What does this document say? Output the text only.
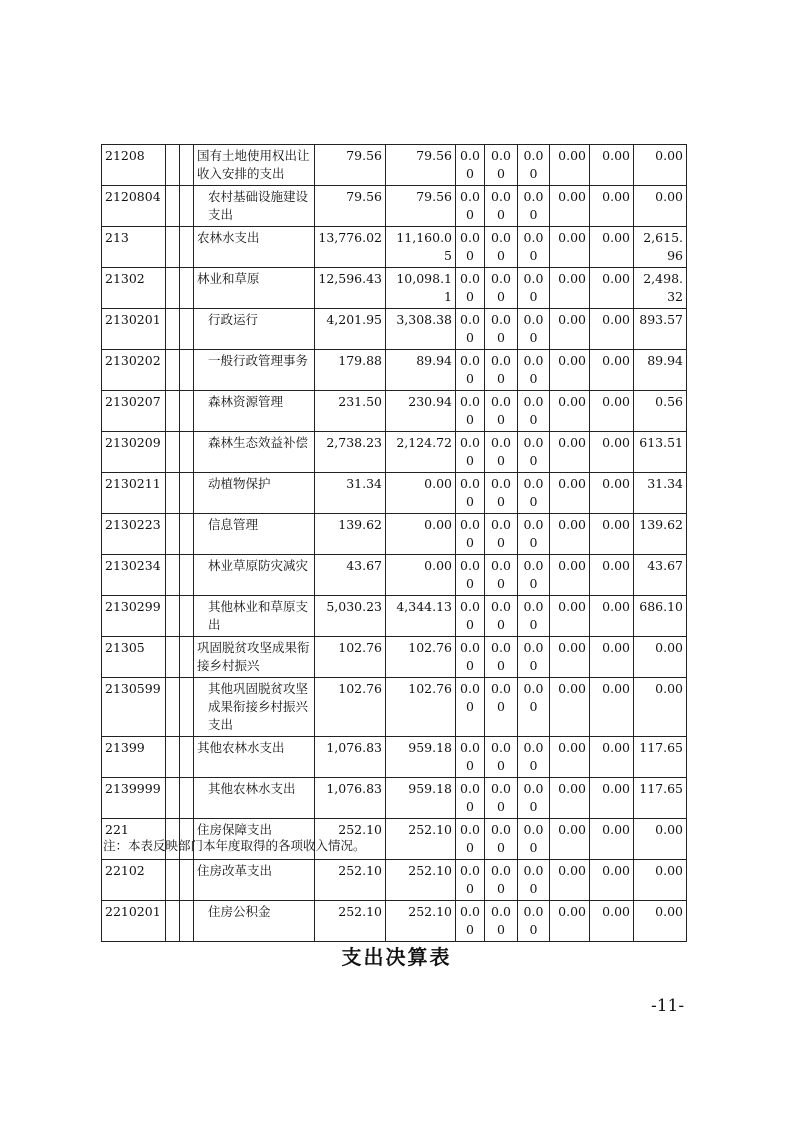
21208			国有土地使用权出让收入安排的支出	79.56	79.56	0.00	0.00	0.00	0.00	0.00	0.00
2120804			农村基础设施建设支出	79.56	79.56	0.00	0.00	0.00	0.00	0.00	0.00
213			农林水支出	13,776.02	11,160.05	0.00	0.00	0.00	0.00	0.00	2,615.96
21302			林业和草原	12,596.43	10,098.11	0.00	0.00	0.00	0.00	0.00	2,498.32
2130201			行政运行	4,201.95	3,308.38	0.00	0.00	0.00	0.00	0.00	893.57
2130202			一般行政管理事务	179.88	89.94	0.00	0.00	0.00	0.00	0.00	89.94
2130207			森林资源管理	231.50	230.94	0.00	0.00	0.00	0.00	0.00	0.56
2130209			森林生态效益补偿	2,738.23	2,124.72	0.00	0.00	0.00	0.00	0.00	613.51
2130211			动植物保护	31.34	0.00	0.00	0.00	0.00	0.00	0.00	31.34
2130223			信息管理	139.62	0.00	0.00	0.00	0.00	0.00	0.00	139.62
2130234			林业草原防灾减灾	43.67	0.00	0.00	0.00	0.00	0.00	0.00	43.67
2130299			其他林业和草原支出	5,030.23	4,344.13	0.00	0.00	0.00	0.00	0.00	686.10
21305			巩固脱贫攻坚成果衔接乡村振兴	102.76	102.76	0.00	0.00	0.00	0.00	0.00	0.00
2130599			其他巩固脱贫攻坚成果衔接乡村振兴支出	102.76	102.76	0.00	0.00	0.00	0.00	0.00	0.00
21399			其他农林水支出	1,076.83	959.18	0.00	0.00	0.00	0.00	0.00	117.65
2139999			其他农林水支出	1,076.83	959.18	0.00	0.00	0.00	0.00	0.00	117.65
221			住房保障支出	252.10	252.10	0.00	0.00	0.00	0.00	0.00	0.00
22102			住房改革支出	252.10	252.10	0.00	0.00	0.00	0.00	0.00	0.00
2210201			住房公积金	252.10	252.10	0.00	0.00	0.00	0.00	0.00	0.00
注：本表反映部门本年度取得的各项收入情况。
支出决算表
-11-
